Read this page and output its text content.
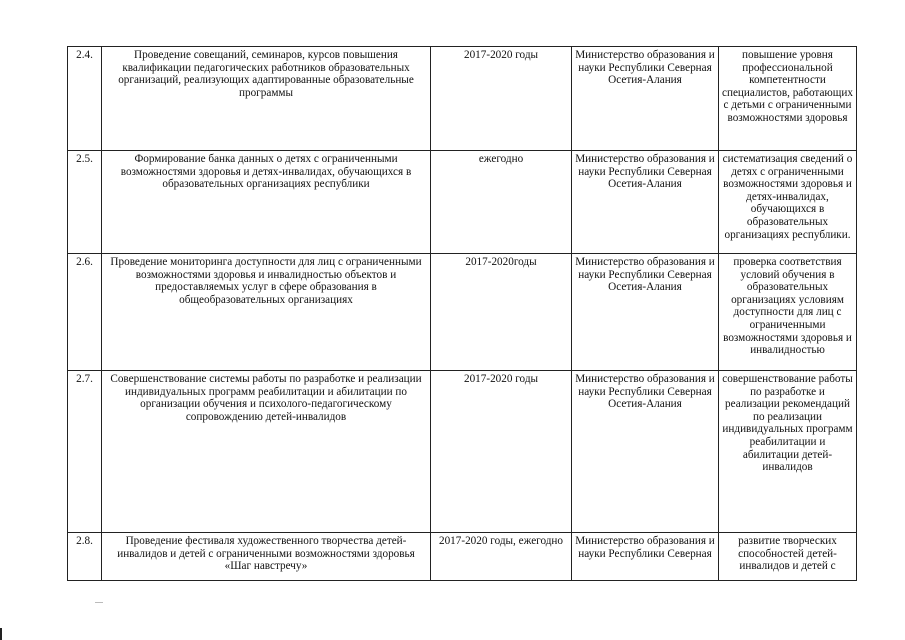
2.4.	Проведение совещаний, семинаров, курсов повышения квалификации педагогических работников образовательных организаций, реализующих адаптированные образовательные программы	2017-2020 годы	Министерство образования и науки Республики Северная Осетия-Алания	повышение уровня профессиональной компетентности специалистов, работающих с детьми с ограниченными возможностями здоровья
2.5.	Формирование банка данных о детях с ограниченными возможностями здоровья и детях-инвалидах, обучающихся в образовательных организациях республики	ежегодно	Министерство образования и науки Республики Северная Осетия-Алания	систематизация сведений о детях с ограниченными возможностями здоровья и детях-инвалидах, обучающихся в образовательных организациях республики.
2.6.	Проведение мониторинга доступности для лиц с ограниченными возможностями здоровья и инвалидностью объектов и предоставляемых услуг в сфере образования в общеобразовательных организациях	2017-2020годы	Министерство образования и науки Республики Северная Осетия-Алания	проверка соответствия условий обучения в образовательных организациях условиям доступности для лиц с ограниченными возможностями здоровья и инвалидностью
2.7.	Совершенствование системы работы по разработке и реализации индивидуальных программ реабилитации и абилитации по организации обучения и психолого-педагогическому сопровождению детей-инвалидов	2017-2020 годы	Министерство образования и науки Республики Северная Осетия-Алания	совершенствование работы по разработке и реализации рекомендаций по реализации индивидуальных программ реабилитации и абилитации детей-инвалидов
2.8.	Проведение фестиваля художественного творчества детей-инвалидов и детей с ограниченными возможностями здоровья «Шаг навстречу»	2017-2020 годы, ежегодно	Министерство образования и науки Республики Северная	развитие творческих способностей детей-инвалидов и детей с
